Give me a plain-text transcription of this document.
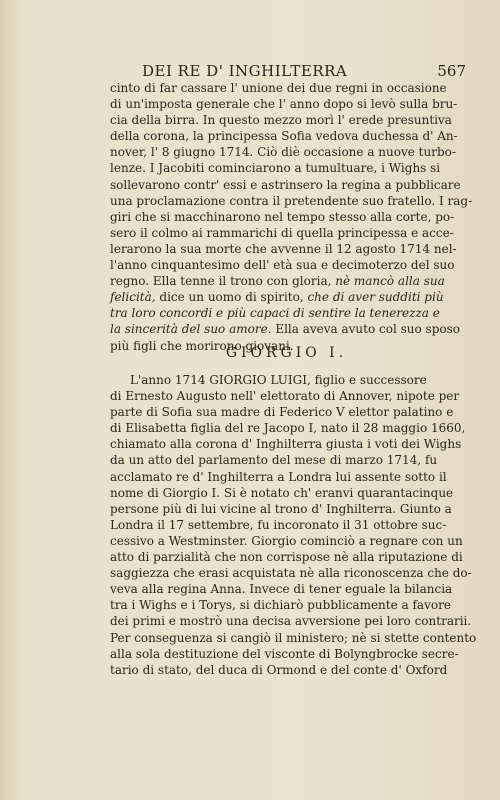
DEI RE D' INGHILTERRA	567
cinto di far cassare l' unione dei due regni in occasione
di un'imposta generale che l' anno dopo si levò sulla bru-
cia della birra. In questo mezzo morì l' erede presuntiva
della corona, la principessa Sofia vedova duchessa d' An-
nover, l' 8 giugno 1714. Ciò diè occasione a nuove turbo-
lenze. I Jacobiti cominciarono a tumultuare, i Wighs si
sollevarono contr' essi e astrinsero la regina a pubblicare
una proclamazione contra il pretendente suo fratello. I rag-
giri che si macchinarono nel tempo stesso alla corte, po-
sero il colmo ai rammarichi di quella principessa e acce-
lerarono la sua morte che avvenne il 12 agosto 1714 nel-
l'anno cinquantesimo dell' età sua e decimoterzo del suo
regno. Ella tenne il trono con gloria, nè mancò alla sua
felicità, dice un uomo di spirito, che di aver sudditi più
tra loro concordi e più capaci di sentire la tenerezza e
la sincerità del suo amore. Ella aveva avuto col suo sposo
più figli che morirono giovani.
GIORGIO I.
L'anno 1714 GIORGIO LUIGI, figlio e successore
di Ernesto Augusto nell' elettorato di Annover, nipote per
parte di Sofia sua madre di Federico V elettor palatino e
di Elisabetta figlia del re Jacopo I, nato il 28 maggio 1660,
chiamato alla corona d' Inghilterra giusta i voti dei Wighs
da un atto del parlamento del mese di marzo 1714, fu
acclamato re d' Inghilterra a Londra lui assente sotto il
nome di Giorgio I. Si è notato ch' eranvi quarantacinque
persone più di lui vicine al trono d' Inghilterra. Giunto a
Londra il 17 settembre, fu incoronato il 31 ottobre suc-
cessivo a Westminster. Giorgio cominciò a regnare con un
atto di parzialità che non corrispose nè alla riputazione di
saggiezza che erasi acquistata nè alla riconoscenza che do-
veva alla regina Anna. Invece di tener eguale la bilancia
tra i Wighs e i Torys, si dichiarò pubblicamente a favore
dei primi e mostrò una decisa avversione pei loro contrarii.
Per conseguenza si cangiò il ministero; nè si stette contento
alla sola destituzione del visconte di Bolyngbrocke secre-
tario di stato, del duca di Ormond e del conte d' Oxford
